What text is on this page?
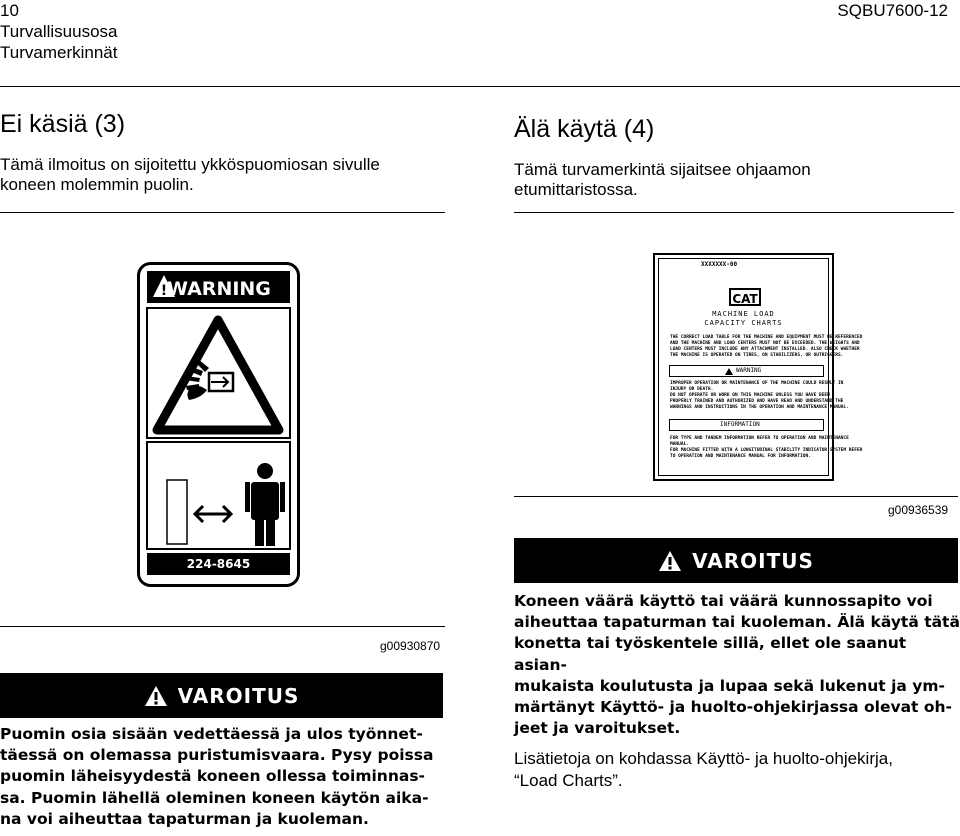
10
Turvallisuusosa
Turvamerkinnät
SQBU7600-12
Ei käsiä (3)
Tämä ilmoitus on sijoitettu ykköspuomiosan sivulle
koneen molemmin puolin.
Älä käytä (4)
Tämä turvamerkintä sijaitsee ohjaamon
etumittaristossa.
! WARNING
224-8645
g00930870
VAROITUS
Puomin osia sisään vedettäessä ja ulos työnnet-
täessä on olemassa puristumisvaara. Pysy poissa
puomin läheisyydestä koneen ollessa toiminnas-
sa. Puomin lähellä oleminen koneen käytön aika-
na voi aiheuttaa tapaturman ja kuoleman.
XXXXXXX-00
CAT
MACHINE LOAD
CAPACITY CHARTS
THE CORRECT LOAD TABLE FOR THE MACHINE AND EQUIPMENT MUST BE REFERENCED
AND THE MACHINE AND LOAD CENTERS MUST NOT BE EXCEEDED. THE WEIGHTS AND
LOAD CENTERS MUST INCLUDE ANY ATTACHMENT INSTALLED. ALSO CHECK WHETHER
THE MACHINE IS OPERATED ON TIRES, ON STABILIZERS, OR OUTRIGGERS.
WARNING
IMPROPER OPERATION OR MAINTENANCE OF THE MACHINE COULD RESULT IN
INJURY OR DEATH.
DO NOT OPERATE OR WORK ON THIS MACHINE UNLESS YOU HAVE BEEN
PROPERLY TRAINED AND AUTHORIZED AND HAVE READ AND UNDERSTAND THE
WARNINGS AND INSTRUCTIONS IN THE OPERATION AND MAINTENANCE MANUAL.
INFORMATION
FOR TYPE AND TANDEM INFORMATION REFER TO OPERATION AND MAINTENANCE
MANUAL.
FOR MACHINE FITTED WITH A LONGITUDINAL STABILITY INDICATOR SYSTEM REFER
TO OPERATION AND MAINTENANCE MANUAL FOR INFORMATION.
g00936539
VAROITUS
Koneen väärä käyttö tai väärä kunnossapito voi
aiheuttaa tapaturman tai kuoleman. Älä käytä tätä
konetta tai työskentele sillä, ellet ole saanut asian-
mukaista koulutusta ja lupaa sekä lukenut ja ym-
märtänyt Käyttö- ja huolto-ohjekirjassa olevat oh-
jeet ja varoitukset.
Lisätietoja on kohdassa Käyttö- ja huolto-ohjekirja,
“Load Charts”.
